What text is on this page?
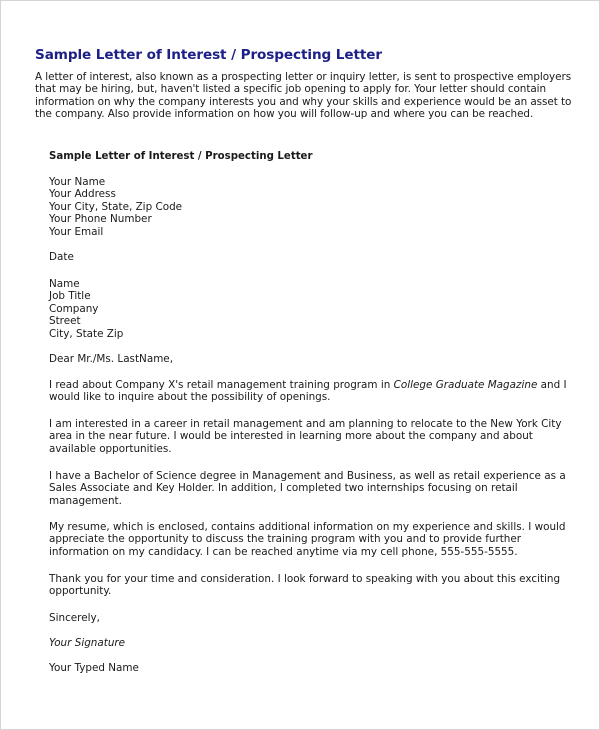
Sample Letter of Interest / Prospecting Letter

A letter of interest, also known as a prospecting letter or inquiry letter, is sent to prospective employers that may be hiring, but, haven't listed a specific job opening to apply for. Your letter should contain information on why the company interests you and why your skills and experience would be an asset to the company. Also provide information on how you will follow-up and where you can be reached.

Sample Letter of Interest / Prospecting Letter
Your Name
Your Address
Your City, State, Zip Code
Your Phone Number
Your Email
Date
Name
Job Title
Company
Street
City, State Zip
Dear Mr./Ms. LastName,

I read about Company X's retail management training program in College Graduate Magazine and I would like to inquire about the possibility of openings.

I am interested in a career in retail management and am planning to relocate to the New York City area in the near future. I would be interested in learning more about the company and about available opportunities.

I have a Bachelor of Science degree in Management and Business, as well as retail experience as a Sales Associate and Key Holder. In addition, I completed two internships focusing on retail management.

My resume, which is enclosed, contains additional information on my experience and skills. I would appreciate the opportunity to discuss the training program with you and to provide further information on my candidacy. I can be reached anytime via my cell phone, 555-555-5555.

Thank you for your time and consideration. I look forward to speaking with you about this exciting opportunity.

Sincerely,
Your Signature
Your Typed Name
